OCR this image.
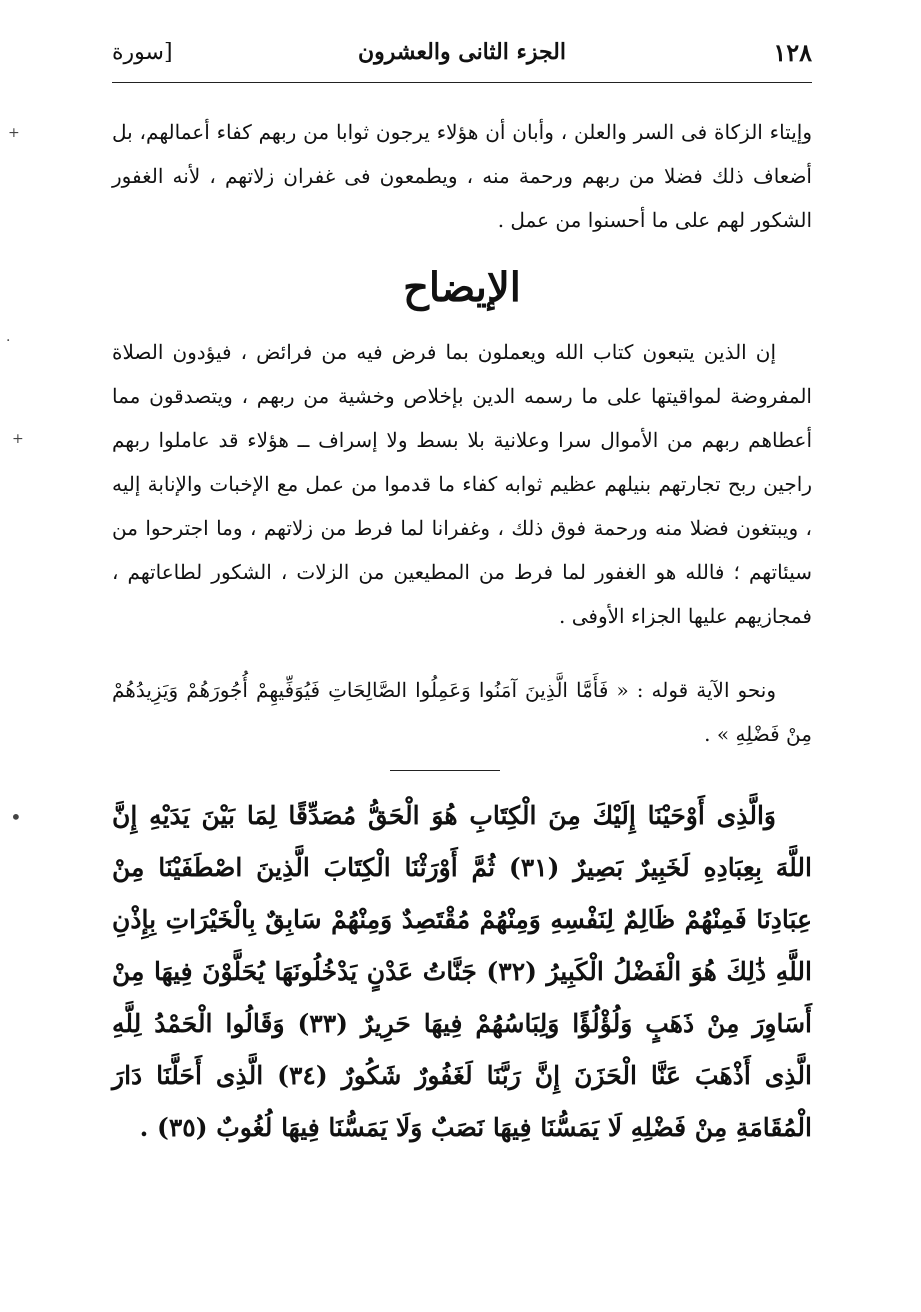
١٢٨
الجزء الثانى والعشرون
[سورة

وإيتاء الزكاة فى السر والعلن ، وأبان أن هؤلاء يرجون ثوابا من ربهم كفاء أعمالهم، بل أضعاف ذلك فضلا من ربهم ورحمة منه ، ويطمعون فى غفران زلاتهم ، لأنه الغفور الشكور لهم على ما أحسنوا من عمل .

الإيضاح

إن الذين يتبعون كتاب الله ويعملون بما فرض فيه من فرائض ، فيؤدون الصلاة المفروضة لمواقيتها على ما رسمه الدين بإخلاص وخشية من ربهم ، ويتصدقون مما أعطاهم ربهم من الأموال سرا وعلانية بلا بسط ولا إسراف ــ هؤلاء قد عاملوا ربهم راجين ربح تجارتهم بنيلهم عظيم ثوابه كفاء ما قدموا من عمل مع الإخبات والإنابة إليه ، ويبتغون فضلا منه ورحمة فوق ذلك ، وغفرانا لما فرط من زلاتهم ، وما اجترحوا من سيئاتهم ؛ فالله هو الغفور لما فرط من المطيعين من الزلات ، الشكور لطاعاتهم ، فمجازيهم عليها الجزاء الأوفى .

ونحو الآية قوله : « فَأَمَّا الَّذِينَ آمَنُوا وَعَمِلُوا الصَّالِحَاتِ فَيُوَفِّيهِمْ أُجُورَهُمْ وَيَزِيدُهُمْ مِنْ فَضْلِهِ » .

وَالَّذِى أَوْحَيْنَا إِلَيْكَ مِنَ الْكِتَابِ هُوَ الْحَقُّ مُصَدِّقًا لِمَا بَيْنَ يَدَيْهِ إِنَّ اللَّهَ بِعِبَادِهِ لَخَبِيرٌ بَصِيرٌ (٣١) ثُمَّ أَوْرَثْنَا الْكِتَابَ الَّذِينَ اصْطَفَيْنَا مِنْ عِبَادِنَا فَمِنْهُمْ ظَالِمٌ لِنَفْسِهِ وَمِنْهُمْ مُقْتَصِدٌ وَمِنْهُمْ سَابِقٌ بِالْخَيْرَاتِ بِإِذْنِ اللَّهِ ذَٰلِكَ هُوَ الْفَضْلُ الْكَبِيرُ (٣٢) جَنَّاتُ عَدْنٍ يَدْخُلُونَهَا يُحَلَّوْنَ فِيهَا مِنْ أَسَاوِرَ مِنْ ذَهَبٍ وَلُؤْلُؤًا وَلِبَاسُهُمْ فِيهَا حَرِيرٌ (٣٣) وَقَالُوا الْحَمْدُ لِلَّهِ الَّذِى أَذْهَبَ عَنَّا الْحَزَنَ إِنَّ رَبَّنَا لَغَفُورٌ شَكُورٌ (٣٤) الَّذِى أَحَلَّنَا دَارَ الْمُقَامَةِ مِنْ فَضْلِهِ لَا يَمَسُّنَا فِيهَا نَصَبٌ وَلَا يَمَسُّنَا فِيهَا لُغُوبٌ (٣٥) .

+
+
·
•
